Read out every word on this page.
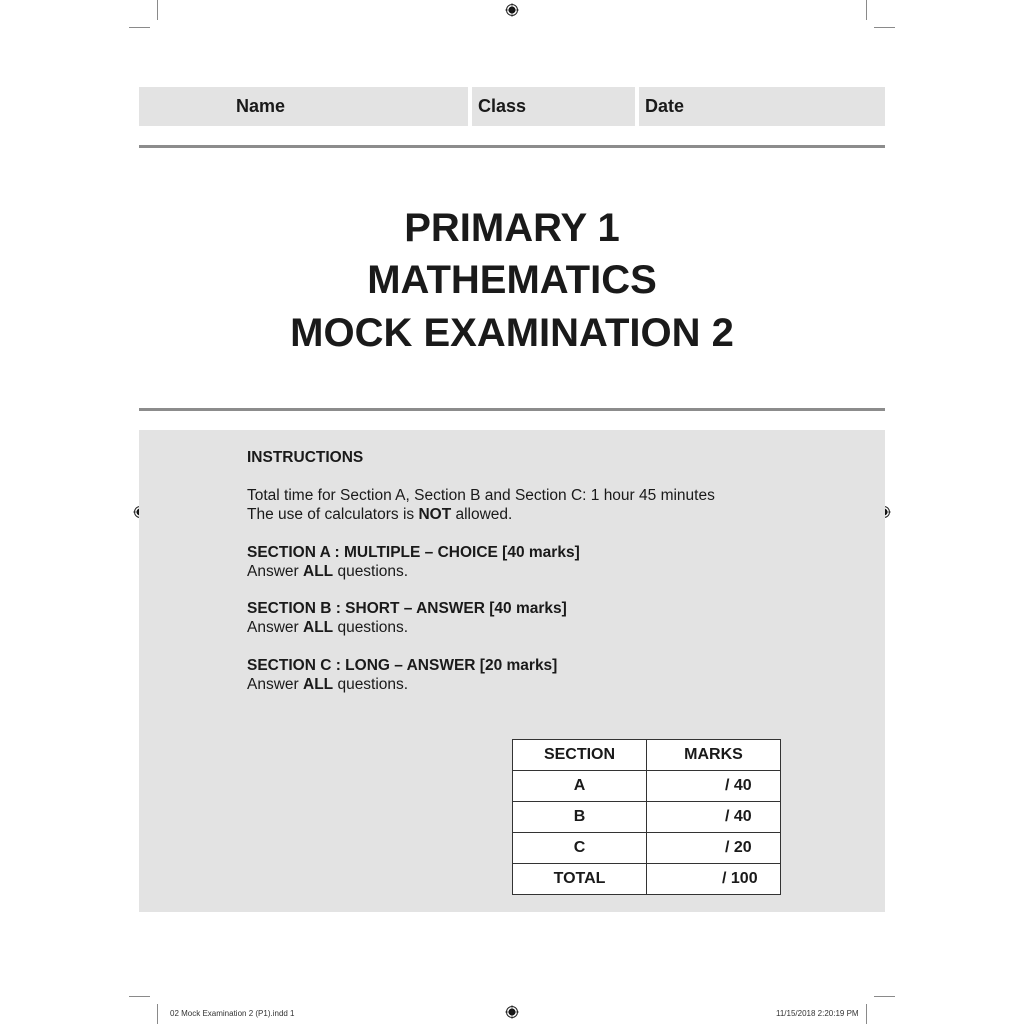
Name	Class	Date
PRIMARY 1
MATHEMATICS
MOCK EXAMINATION 2
INSTRUCTIONS
Total time for Section A, Section B and Section C: 1 hour 45 minutes
The use of calculators is NOT allowed.
SECTION A : MULTIPLE – CHOICE [40 marks]
Answer ALL questions.
SECTION B : SHORT – ANSWER [40 marks]
Answer ALL questions.
SECTION C : LONG – ANSWER [20 marks]
Answer ALL questions.
SECTION	MARKS
A	/ 40
B	/ 40
C	/ 20
TOTAL	/ 100
02 Mock Examination 2 (P1).indd 1	11/15/2018 2:20:19 PM
